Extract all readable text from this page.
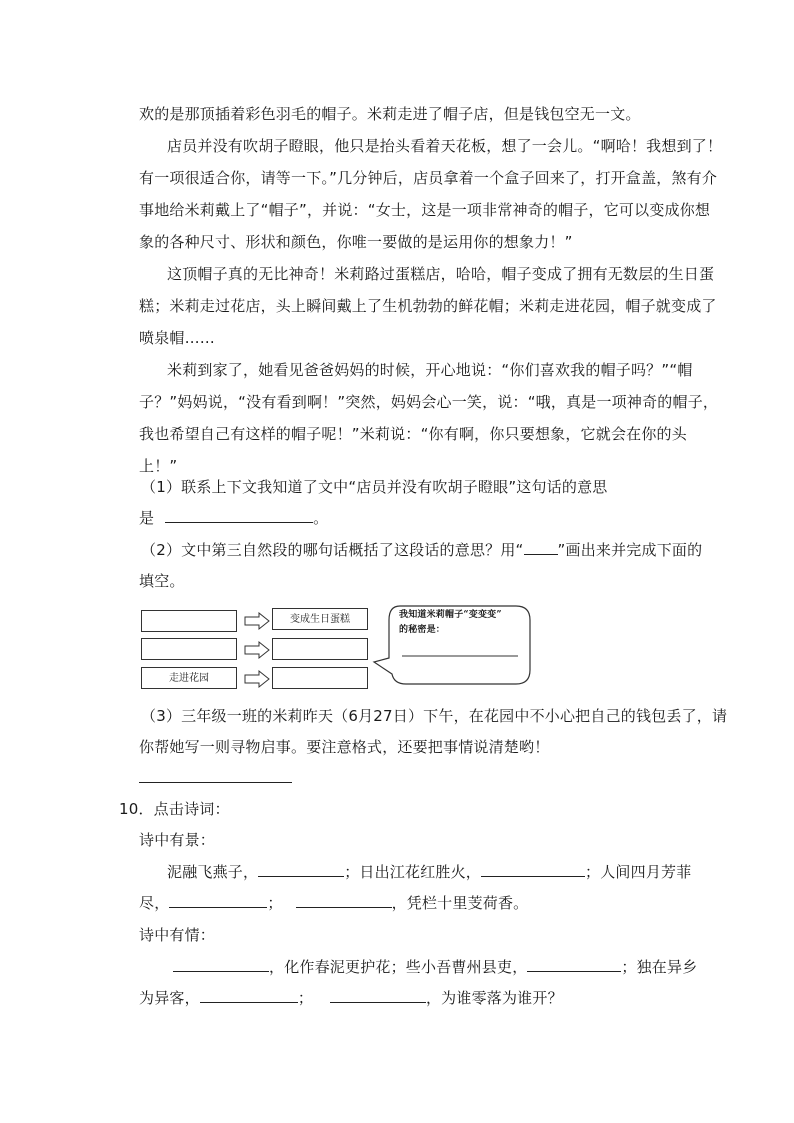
欢的是那顶插着彩色羽毛的帽子。米莉走进了帽子店，但是钱包空无一文。
店员并没有吹胡子瞪眼，他只是抬头看着天花板，想了一会儿。“啊哈！我想到了！
有一项很适合你，请等一下。”几分钟后，店员拿着一个盒子回来了，打开盒盖，煞有介
事地给米莉戴上了“帽子”，并说：“女士，这是一项非常神奇的帽子，它可以变成你想
象的各种尺寸、形状和颜色，你唯一要做的是运用你的想象力！”
这顶帽子真的无比神奇！米莉路过蛋糕店，哈哈，帽子变成了拥有无数层的生日蛋
糕；米莉走过花店，头上瞬间戴上了生机勃勃的鲜花帽；米莉走进花园，帽子就变成了
喷泉帽……
米莉到家了，她看见爸爸妈妈的时候，开心地说：“你们喜欢我的帽子吗？”“帽
子？”妈妈说，“没有看到啊！”突然，妈妈会心一笑，说：“哦，真是一项神奇的帽子，
我也希望自己有这样的帽子呢！”米莉说：“你有啊，你只要想象，它就会在你的头
上！”
（1）联系上下文我知道了文中“店员并没有吹胡子瞪眼”这句话的意思
是	。
（2）文中第三自然段的哪句话概括了这段话的意思？用“ ”画出来并完成下面的
填空。
走进花园
变成生日蛋糕	我知道米莉帽子“变变变”
的秘密是：
（3）三年级一班的米莉昨天（6月27日）下午，在花园中不小心把自己的钱包丢了，请
你帮她写一则寻物启事。要注意格式，还要把事情说清楚哟！
10．点击诗词：
诗中有景：
泥融飞燕子，	；日出江花红胜火，	；人间四月芳菲
尽，	；	，凭栏十里芰荷香。
诗中有情：
，化作春泥更护花；些小吾曹州县吏，	；独在异乡
为异客，	；	，为谁零落为谁开？
